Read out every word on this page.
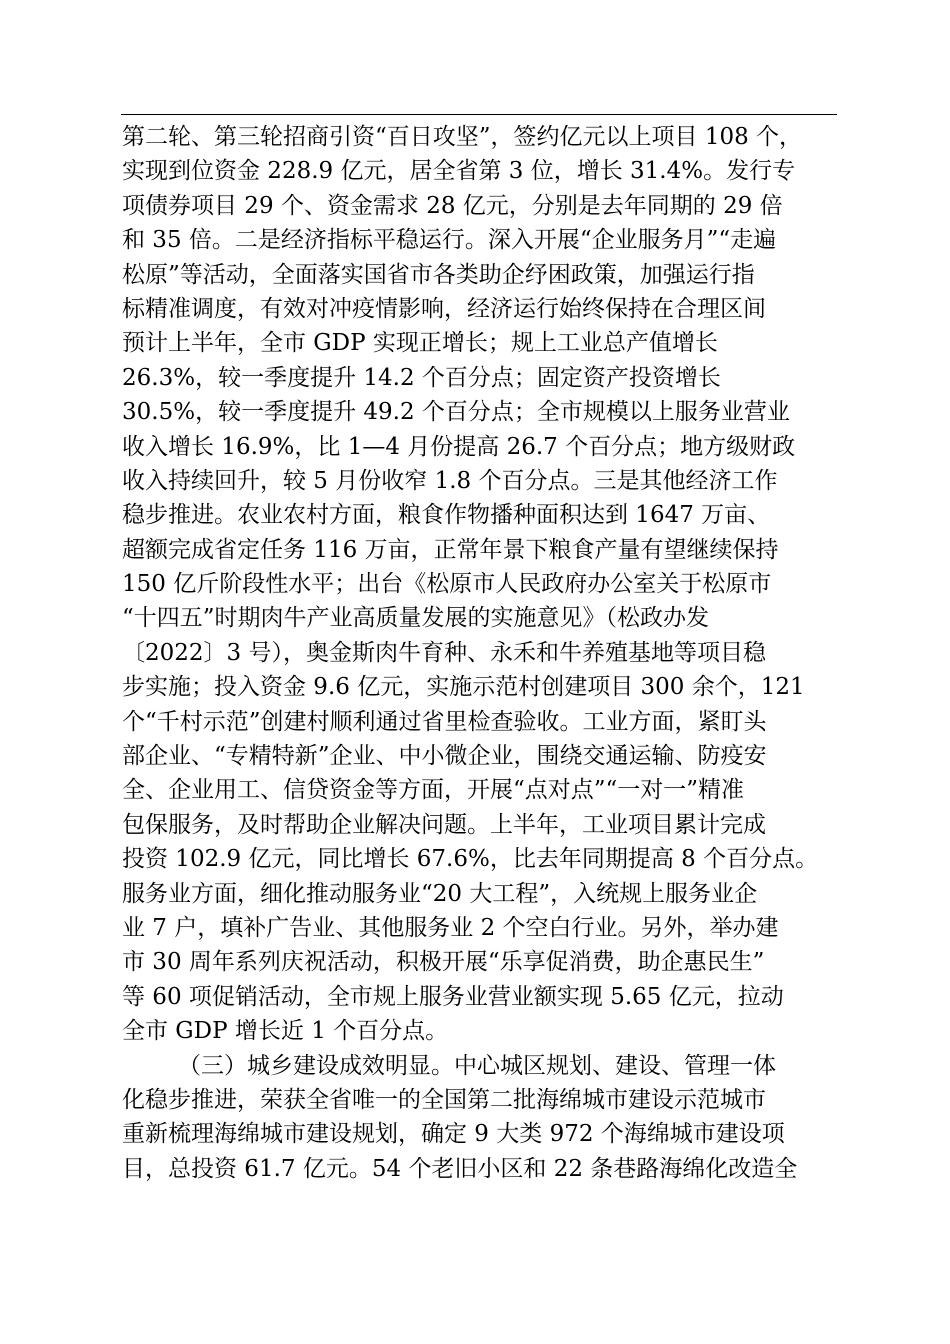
第二轮、第三轮招商引资“百日攻坚”，签约亿元以上项目 108 个，
实现到位资金 228.9 亿元，居全省第 3 位，增长 31.4%。发行专
项债券项目 29 个、资金需求 28 亿元，分别是去年同期的 29 倍
和 35 倍。二是经济指标平稳运行。深入开展“企业服务月”“走遍
松原”等活动，全面落实国省市各类助企纾困政策，加强运行指
标精准调度，有效对冲疫情影响，经济运行始终保持在合理区间
预计上半年，全市 GDP 实现正增长；规上工业总产值增长
26.3%，较一季度提升 14.2 个百分点；固定资产投资增长
30.5%，较一季度提升 49.2 个百分点；全市规模以上服务业营业
收入增长 16.9%，比 1—4 月份提高 26.7 个百分点；地方级财政
收入持续回升，较 5 月份收窄 1.8 个百分点。三是其他经济工作
稳步推进。农业农村方面，粮食作物播种面积达到 1647 万亩、
超额完成省定任务 116 万亩，正常年景下粮食产量有望继续保持
150 亿斤阶段性水平；出台《松原市人民政府办公室关于松原市
“十四五”时期肉牛产业高质量发展的实施意见》（松政办发
〔2022〕3 号），奥金斯肉牛育种、永禾和牛养殖基地等项目稳
步实施；投入资金 9.6 亿元，实施示范村创建项目 300 余个，121
个“千村示范”创建村顺利通过省里检查验收。工业方面，紧盯头
部企业、“专精特新”企业、中小微企业，围绕交通运输、防疫安
全、企业用工、信贷资金等方面，开展“点对点”“一对一”精准
包保服务，及时帮助企业解决问题。上半年，工业项目累计完成
投资 102.9 亿元，同比增长 67.6%，比去年同期提高 8 个百分点。
服务业方面，细化推动服务业“20 大工程”，入统规上服务业企
业 7 户，填补广告业、其他服务业 2 个空白行业。另外，举办建
市 30 周年系列庆祝活动，积极开展“乐享促消费，助企惠民生”
等 60 项促销活动，全市规上服务业营业额实现 5.65 亿元，拉动
全市 GDP 增长近 1 个百分点。
（三）城乡建设成效明显。中心城区规划、建设、管理一体
化稳步推进，荣获全省唯一的全国第二批海绵城市建设示范城市
重新梳理海绵城市建设规划，确定 9 大类 972 个海绵城市建设项
目，总投资 61.7 亿元。54 个老旧小区和 22 条巷路海绵化改造全
